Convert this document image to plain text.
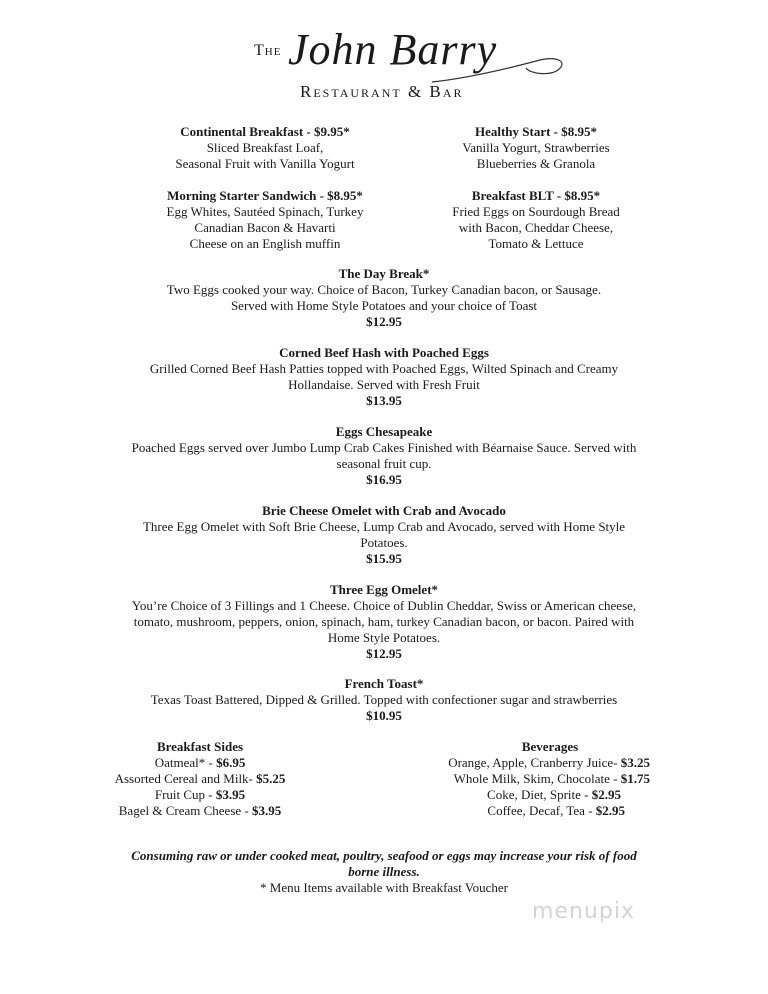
The John Barry
Restaurant & Bar
Continental Breakfast - $9.95*
Sliced Breakfast Loaf,
Seasonal Fruit with Vanilla Yogurt
Morning Starter Sandwich - $8.95*
Egg Whites, Sautéed Spinach, Turkey
Canadian Bacon & Havarti
Cheese on an English muffin
Healthy Start - $8.95*
Vanilla Yogurt, Strawberries
Blueberries & Granola
Breakfast BLT - $8.95*
Fried Eggs on Sourdough Bread
with Bacon, Cheddar Cheese,
Tomato & Lettuce
The Day Break*
Two Eggs cooked your way. Choice of Bacon, Turkey Canadian bacon, or Sausage.
Served with Home Style Potatoes and your choice of Toast
$12.95
Corned Beef Hash with Poached Eggs
Grilled Corned Beef Hash Patties topped with Poached Eggs, Wilted Spinach and Creamy
Hollandaise. Served with Fresh Fruit
$13.95
Eggs Chesapeake
Poached Eggs served over Jumbo Lump Crab Cakes Finished with Béarnaise Sauce. Served with
seasonal fruit cup.
$16.95
Brie Cheese Omelet with Crab and Avocado
Three Egg Omelet with Soft Brie Cheese, Lump Crab and Avocado, served with Home Style
Potatoes.
$15.95
Three Egg Omelet*
You’re Choice of 3 Fillings and 1 Cheese. Choice of Dublin Cheddar, Swiss or American cheese,
tomato, mushroom, peppers, onion, spinach, ham, turkey Canadian bacon, or bacon. Paired with
Home Style Potatoes.
$12.95
French Toast*
Texas Toast Battered, Dipped & Grilled. Topped with confectioner sugar and strawberries
$10.95
Breakfast Sides
Oatmeal* - $6.95
Assorted Cereal and Milk- $5.25
Fruit Cup - $3.95
Bagel & Cream Cheese - $3.95
Beverages
Orange, Apple, Cranberry Juice- $3.25
Whole Milk, Skim, Chocolate - $1.75
Coke, Diet, Sprite - $2.95
Coffee, Decaf, Tea - $2.95
Consuming raw or under cooked meat, poultry, seafood or eggs may increase your risk of food
borne illness.
* Menu Items available with Breakfast Voucher
menupix
